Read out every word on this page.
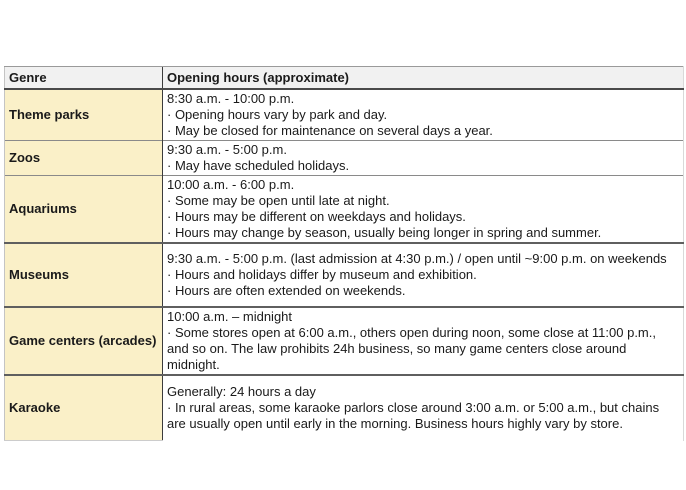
Genre	Opening hours (approximate)
Theme parks	8:30 a.m. - 10:00 p.m.
· Opening hours vary by park and day.
· May be closed for maintenance on several days a year.

Zoos	9:30 a.m. - 5:00 p.m.
· May have scheduled holidays.

Aquariums	10:00 a.m. - 6:00 p.m.
· Some may be open until late at night.
· Hours may be different on weekdays and holidays.
· Hours may change by season, usually being longer in spring and summer.

Museums	9:30 a.m. - 5:00 p.m. (last admission at 4:30 p.m.) / open until ~9:00 p.m. on weekends
· Hours and holidays differ by museum and exhibition.
· Hours are often extended on weekends.

Game centers (arcades)	10:00 a.m. – midnight
· Some stores open at 6:00 a.m., others open during noon, some close at 11:00 p.m., and so on. The law prohibits 24h business, so many game centers close around midnight.

Karaoke	Generally: 24 hours a day
· In rural areas, some karaoke parlors close around 3:00 a.m. or 5:00 a.m., but chains are usually open until early in the morning. Business hours highly vary by store.
